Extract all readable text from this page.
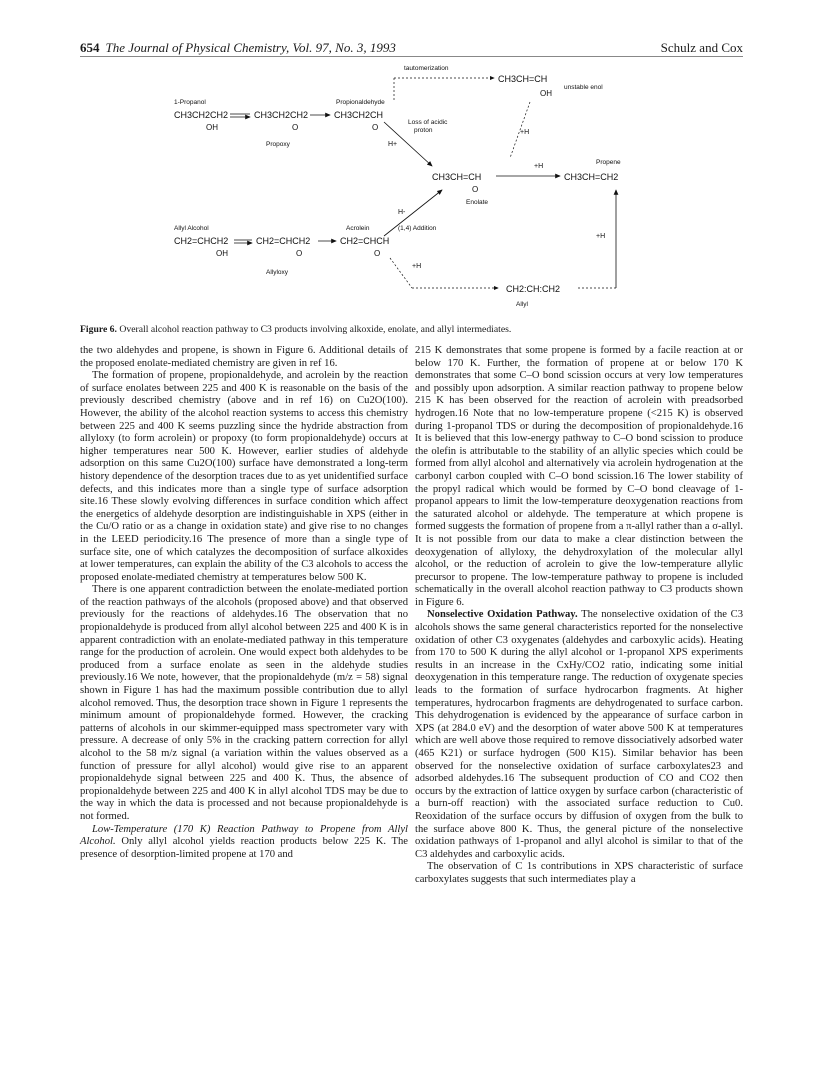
654 The Journal of Physical Chemistry, Vol. 97, No. 3, 1993	Schulz and Cox
tautomerization
CH3CH=CH
OH
unstable enol
1-Propanol	Propionaldehyde
CH3CH2CH2
OH
CH3CH2CH2
O
Propoxy
CH3CH2CH
O
Loss of acidic
proton
H+
+H
CH3CH=CH
O
Enolate
+H
Propene
CH3CH=CH2
H-
(1,4) Addition
Allyl Alcohol	Acrolein
CH2=CHCH2
OH
CH2=CHCH2
O
Allyloxy
CH2=CHCH
O
+H
CH2:CH:CH2
Allyl
+H
Figure 6. Overall alcohol reaction pathway to C3 products involving alkoxide, enolate, and allyl intermediates.

the two aldehydes and propene, is shown in Figure 6. Additional details of the proposed enolate-mediated chemistry are given in ref 16.

The formation of propene, propionaldehyde, and acrolein by the reaction of surface enolates between 225 and 400 K is reasonable on the basis of the previously described chemistry (above and in ref 16) on Cu2O(100). However, the ability of the alcohol reaction systems to access this chemistry between 225 and 400 K seems puzzling since the hydride abstraction from allyloxy (to form acrolein) or propoxy (to form propionaldehyde) occurs at higher temperatures near 500 K. However, earlier studies of aldehyde adsorption on this same Cu2O(100) surface have demonstrated a long-term history dependence of the desorption traces due to as yet unidentified surface defects, and this indicates more than a single type of surface adsorption site.16 These slowly evolving differences in surface condition which affect the energetics of aldehyde desorption are indistinguishable in XPS (either in the Cu/O ratio or as a change in oxidation state) and give rise to no changes in the LEED periodicity.16 The presence of more than a single type of surface site, one of which catalyzes the decomposition of surface alkoxides at lower temperatures, can explain the ability of the C3 alcohols to access the proposed enolate-mediated chemistry at temperatures below 500 K.

There is one apparent contradiction between the enolate-mediated portion of the reaction pathways of the alcohols (proposed above) and that observed previously for the reactions of aldehydes.16 The observation that no propionaldehyde is produced from allyl alcohol between 225 and 400 K is in apparent contradiction with an enolate-mediated pathway in this temperature range for the production of acrolein. One would expect both aldehydes to be produced from a surface enolate as seen in the aldehyde studies previously.16 We note, however, that the propionaldehyde (m/z = 58) signal shown in Figure 1 has had the maximum possible contribution due to allyl alcohol removed. Thus, the desorption trace shown in Figure 1 represents the minimum amount of propionaldehyde formed. However, the cracking patterns of alcohols in our skimmer-equipped mass spectrometer vary with pressure. A decrease of only 5% in the cracking pattern correction for allyl alcohol to the 58 m/z signal (a variation within the values observed as a function of pressure for allyl alcohol) would give rise to an apparent propionaldehyde signal between 225 and 400 K. Thus, the absence of propionaldehyde between 225 and 400 K in allyl alcohol TDS may be due to the way in which the data is processed and not because propionaldehyde is not formed.

Low-Temperature (170 K) Reaction Pathway to Propene from Allyl Alcohol. Only allyl alcohol yields reaction products below 225 K. The presence of desorption-limited propene at 170 and

215 K demonstrates that some propene is formed by a facile reaction at or below 170 K. Further, the formation of propene at or below 170 K demonstrates that some C–O bond scission occurs at very low temperatures and possibly upon adsorption. A similar reaction pathway to propene below 215 K has been observed for the reaction of acrolein with preadsorbed hydrogen.16 Note that no low-temperature propene (<215 K) is observed during 1-propanol TDS or during the decomposition of propionaldehyde.16 It is believed that this low-energy pathway to C–O bond scission to produce the olefin is attributable to the stability of an allylic species which could be formed from allyl alcohol and alternatively via acrolein hydrogenation at the carbonyl carbon coupled with C–O bond scission.16 The lower stability of the propyl radical which would be formed by C–O bond cleavage of 1-propanol appears to limit the low-temperature deoxygenation reactions from the saturated alcohol or aldehyde. The temperature at which propene is formed suggests the formation of propene from a π-allyl rather than a σ-allyl. It is not possible from our data to make a clear distinction between the deoxygenation of allyloxy, the dehydroxylation of the molecular allyl alcohol, or the reduction of acrolein to give the low-temperature allylic precursor to propene. The low-temperature pathway to propene is included schematically in the overall alcohol reaction pathway to C3 products shown in Figure 6.

Nonselective Oxidation Pathway. The nonselective oxidation of the C3 alcohols shows the same general characteristics reported for the nonselective oxidation of other C3 oxygenates (aldehydes and carboxylic acids). Heating from 170 to 500 K during the allyl alcohol or 1-propanol XPS experiments results in an increase in the CxHy/CO2 ratio, indicating some initial deoxygenation in this temperature range. The reduction of oxygenate species leads to the formation of surface hydrocarbon fragments. At higher temperatures, hydrocarbon fragments are dehydrogenated to surface carbon. This dehydrogenation is evidenced by the appearance of surface carbon in XPS (at 284.0 eV) and the desorption of water above 500 K at temperatures which are well above those required to remove dissociatively adsorbed water (465 K21) or surface hydrogen (500 K15). Similar behavior has been observed for the nonselective oxidation of surface carboxylates23 and adsorbed aldehydes.16 The subsequent production of CO and CO2 then occurs by the extraction of lattice oxygen by surface carbon (characteristic of a burn-off reaction) with the associated surface reduction to Cu0. Reoxidation of the surface occurs by diffusion of oxygen from the bulk to the surface above 800 K. Thus, the general picture of the nonselective oxidation pathways of 1-propanol and allyl alcohol is similar to that of the C3 aldehydes and carboxylic acids.

The observation of C 1s contributions in XPS characteristic of surface carboxylates suggests that such intermediates play a
